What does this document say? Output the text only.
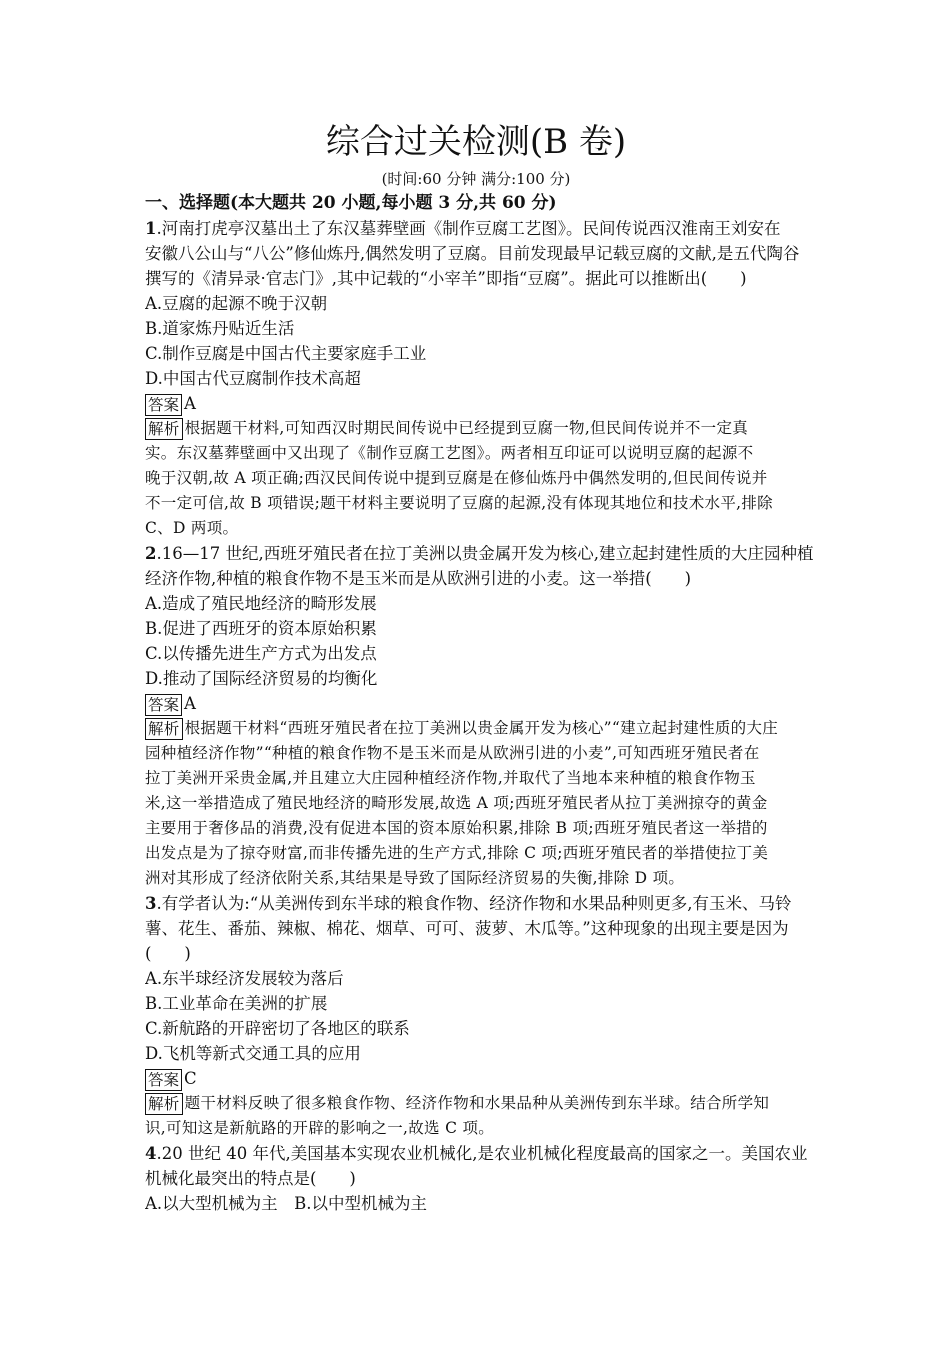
综合过关检测(B 卷)
(时间:60 分钟 满分:100 分)
一、选择题(本大题共 20 小题,每小题 3 分,共 60 分)
1.河南打虎亭汉墓出土了东汉墓葬壁画《制作豆腐工艺图》。民间传说西汉淮南王刘安在
安徽八公山与“八公”修仙炼丹,偶然发明了豆腐。目前发现最早记载豆腐的文献,是五代陶谷
撰写的《清异录·官志门》,其中记载的“小宰羊”即指“豆腐”。据此可以推断出(　　)
A.豆腐的起源不晚于汉朝
B.道家炼丹贴近生活
C.制作豆腐是中国古代主要家庭手工业
D.中国古代豆腐制作技术高超
答案 A
解析 根据题干材料,可知西汉时期民间传说中已经提到豆腐一物,但民间传说并不一定真
实。东汉墓葬壁画中又出现了《制作豆腐工艺图》。两者相互印证可以说明豆腐的起源不
晚于汉朝,故 A 项正确;西汉民间传说中提到豆腐是在修仙炼丹中偶然发明的,但民间传说并
不一定可信,故 B 项错误;题干材料主要说明了豆腐的起源,没有体现其地位和技术水平,排除
C、D 两项。
2.16—17 世纪,西班牙殖民者在拉丁美洲以贵金属开发为核心,建立起封建性质的大庄园种植
经济作物,种植的粮食作物不是玉米而是从欧洲引进的小麦。这一举措(　　)
A.造成了殖民地经济的畸形发展
B.促进了西班牙的资本原始积累
C.以传播先进生产方式为出发点
D.推动了国际经济贸易的均衡化
答案 A
解析 根据题干材料“西班牙殖民者在拉丁美洲以贵金属开发为核心”“建立起封建性质的大庄
园种植经济作物”“种植的粮食作物不是玉米而是从欧洲引进的小麦”,可知西班牙殖民者在
拉丁美洲开采贵金属,并且建立大庄园种植经济作物,并取代了当地本来种植的粮食作物玉
米,这一举措造成了殖民地经济的畸形发展,故选 A 项;西班牙殖民者从拉丁美洲掠夺的黄金
主要用于奢侈品的消费,没有促进本国的资本原始积累,排除 B 项;西班牙殖民者这一举措的
出发点是为了掠夺财富,而非传播先进的生产方式,排除 C 项;西班牙殖民者的举措使拉丁美
洲对其形成了经济依附关系,其结果是导致了国际经济贸易的失衡,排除 D 项。
3.有学者认为:“从美洲传到东半球的粮食作物、经济作物和水果品种则更多,有玉米、马铃
薯、花生、番茄、辣椒、棉花、烟草、可可、菠萝、木瓜等。”这种现象的出现主要是因为
(　　)
A.东半球经济发展较为落后
B.工业革命在美洲的扩展
C.新航路的开辟密切了各地区的联系
D.飞机等新式交通工具的应用
答案 C
解析 题干材料反映了很多粮食作物、经济作物和水果品种从美洲传到东半球。结合所学知
识,可知这是新航路的开辟的影响之一,故选 C 项。
4.20 世纪 40 年代,美国基本实现农业机械化,是农业机械化程度最高的国家之一。美国农业
机械化最突出的特点是(　　)
A.以大型机械为主　B.以中型机械为主
